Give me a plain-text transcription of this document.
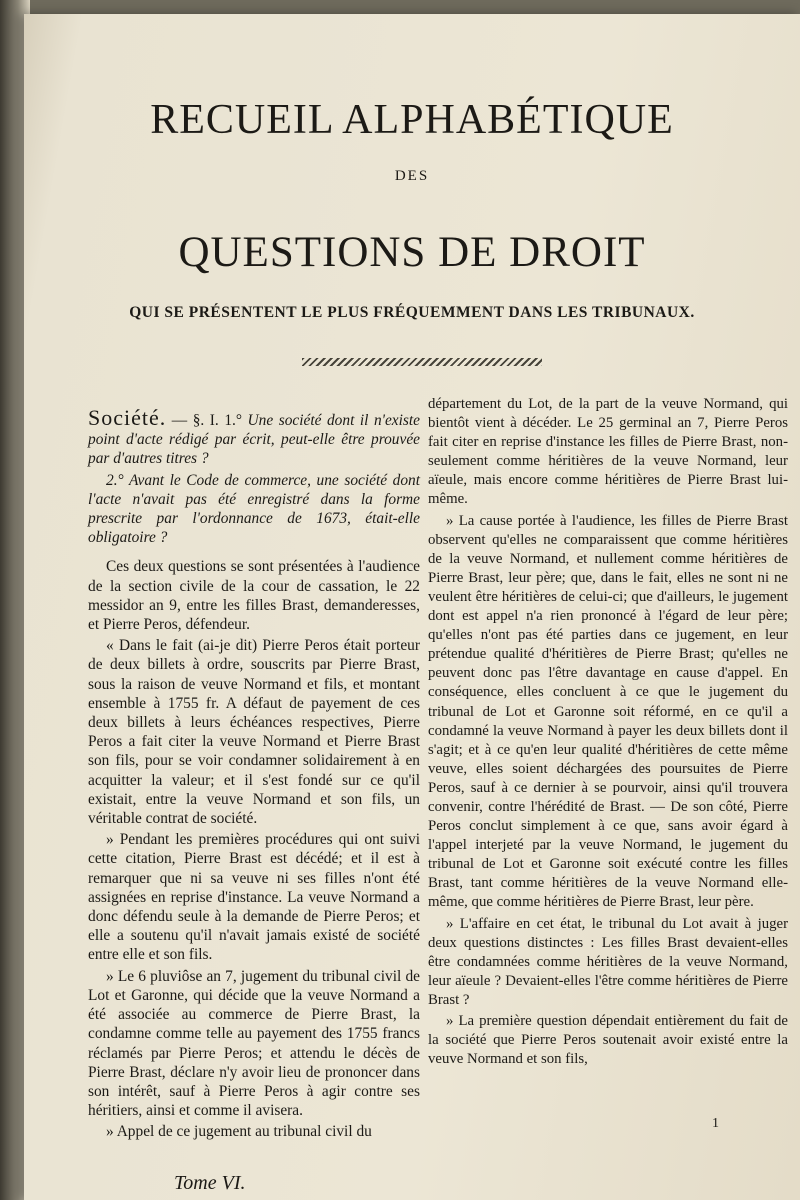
RECUEIL ALPHABÉTIQUE
DES
QUESTIONS DE DROIT
QUI SE PRÉSENTENT LE PLUS FRÉQUEMMENT DANS LES TRIBUNAUX.

Société. — §. I. 1.° Une société dont il n'existe point d'acte rédigé par écrit, peut-elle être prouvée par d'autres titres ?

2.° Avant le Code de commerce, une société dont l'acte n'avait pas été enregistré dans la forme prescrite par l'ordonnance de 1673, était-elle obligatoire ?

Ces deux questions se sont présentées à l'audience de la section civile de la cour de cassation, le 22 messidor an 9, entre les filles Brast, demanderesses, et Pierre Peros, défendeur.

« Dans le fait (ai-je dit) Pierre Peros était porteur de deux billets à ordre, souscrits par Pierre Brast, sous la raison de veuve Normand et fils, et montant ensemble à 1755 fr. A défaut de payement de ces deux billets à leurs échéances respectives, Pierre Peros a fait citer la veuve Normand et Pierre Brast son fils, pour se voir condamner solidairement à en acquitter la valeur; et il s'est fondé sur ce qu'il existait, entre la veuve Normand et son fils, un véritable contrat de société.

» Pendant les premières procédures qui ont suivi cette citation, Pierre Brast est décédé; et il est à remarquer que ni sa veuve ni ses filles n'ont été assignées en reprise d'instance. La veuve Normand a donc défendu seule à la demande de Pierre Peros; et elle a soutenu qu'il n'avait jamais existé de société entre elle et son fils.

» Le 6 pluviôse an 7, jugement du tribunal civil de Lot et Garonne, qui décide que la veuve Normand a été associée au commerce de Pierre Brast, la condamne comme telle au payement des 1755 francs réclamés par Pierre Peros; et attendu le décès de Pierre Brast, déclare n'y avoir lieu de prononcer dans son intérêt, sauf à Pierre Peros à agir contre ses héritiers, ainsi et comme il avisera.

» Appel de ce jugement au tribunal civil du

département du Lot, de la part de la veuve Normand, qui bientôt vient à décéder. Le 25 germinal an 7, Pierre Peros fait citer en reprise d'instance les filles de Pierre Brast, non-seulement comme héritières de la veuve Normand, leur aïeule, mais encore comme héritières de Pierre Brast lui-même.

» La cause portée à l'audience, les filles de Pierre Brast observent qu'elles ne comparaissent que comme héritières de la veuve Normand, et nullement comme héritières de Pierre Brast, leur père; que, dans le fait, elles ne sont ni ne veulent être héritières de celui-ci; que d'ailleurs, le jugement dont est appel n'a rien prononcé à l'égard de leur père; qu'elles n'ont pas été parties dans ce jugement, en leur prétendue qualité d'héritières de Pierre Brast; qu'elles ne peuvent donc pas l'être davantage en cause d'appel. En conséquence, elles concluent à ce que le jugement du tribunal de Lot et Garonne soit réformé, en ce qu'il a condamné la veuve Normand à payer les deux billets dont il s'agit; et à ce qu'en leur qualité d'héritières de cette même veuve, elles soient déchargées des poursuites de Pierre Peros, sauf à ce dernier à se pourvoir, ainsi qu'il trouvera convenir, contre l'hérédité de Brast. — De son côté, Pierre Peros conclut simplement à ce que, sans avoir égard à l'appel interjeté par la veuve Normand, le jugement du tribunal de Lot et Garonne soit exécuté contre les filles Brast, tant comme héritières de la veuve Normand elle-même, que comme héritières de Pierre Brast, leur père.

» L'affaire en cet état, le tribunal du Lot avait à juger deux questions distinctes : Les filles Brast devaient-elles être condamnées comme héritières de la veuve Normand, leur aïeule ? Devaient-elles l'être comme héritières de Pierre Brast ?

» La première question dépendait entièrement du fait de la société que Pierre Peros soutenait avoir existé entre la veuve Normand et son fils,

1
Tome VI.
